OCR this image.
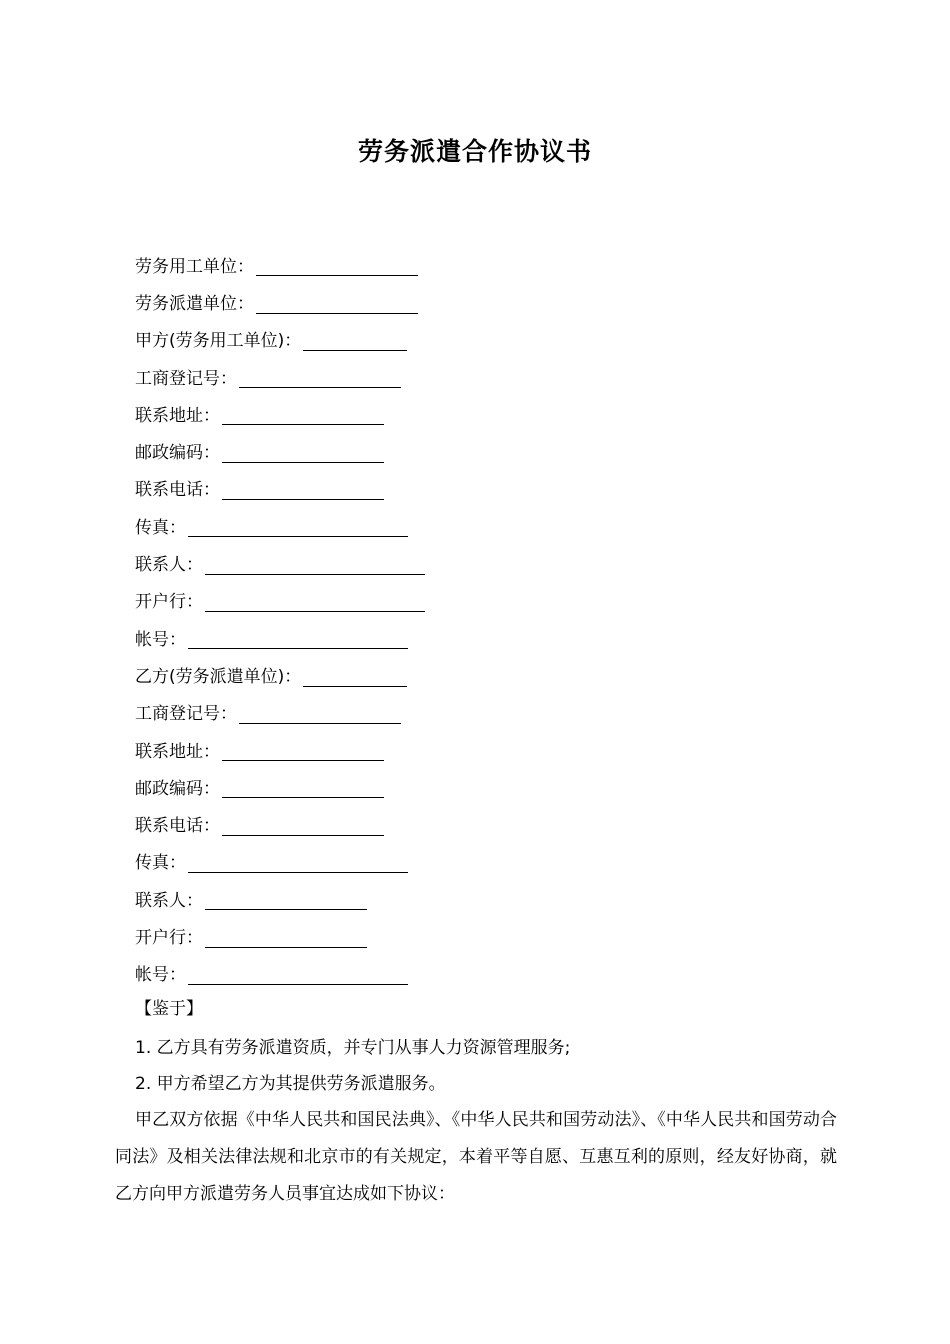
劳务派遣合作协议书
劳务用工单位：
劳务派遣单位：
甲方(劳务用工单位)：
工商登记号：
联系地址：
邮政编码：
联系电话：
传真：
联系人：
开户行：
帐号：
乙方(劳务派遣单位)：
工商登记号：
联系地址：
邮政编码：
联系电话：
传真：
联系人：
开户行：
帐号：
【鉴于】
1. 乙方具有劳务派遣资质，并专门从事人力资源管理服务;
2. 甲方希望乙方为其提供劳务派遣服务。
甲乙双方依据《中华人民共和国民法典》、《中华人民共和国劳动法》、《中华人民共和国劳动合同法》及相关法律法规和北京市的有关规定，本着平等自愿、互惠互利的原则，经友好协商，就乙方向甲方派遣劳务人员事宜达成如下协议：
